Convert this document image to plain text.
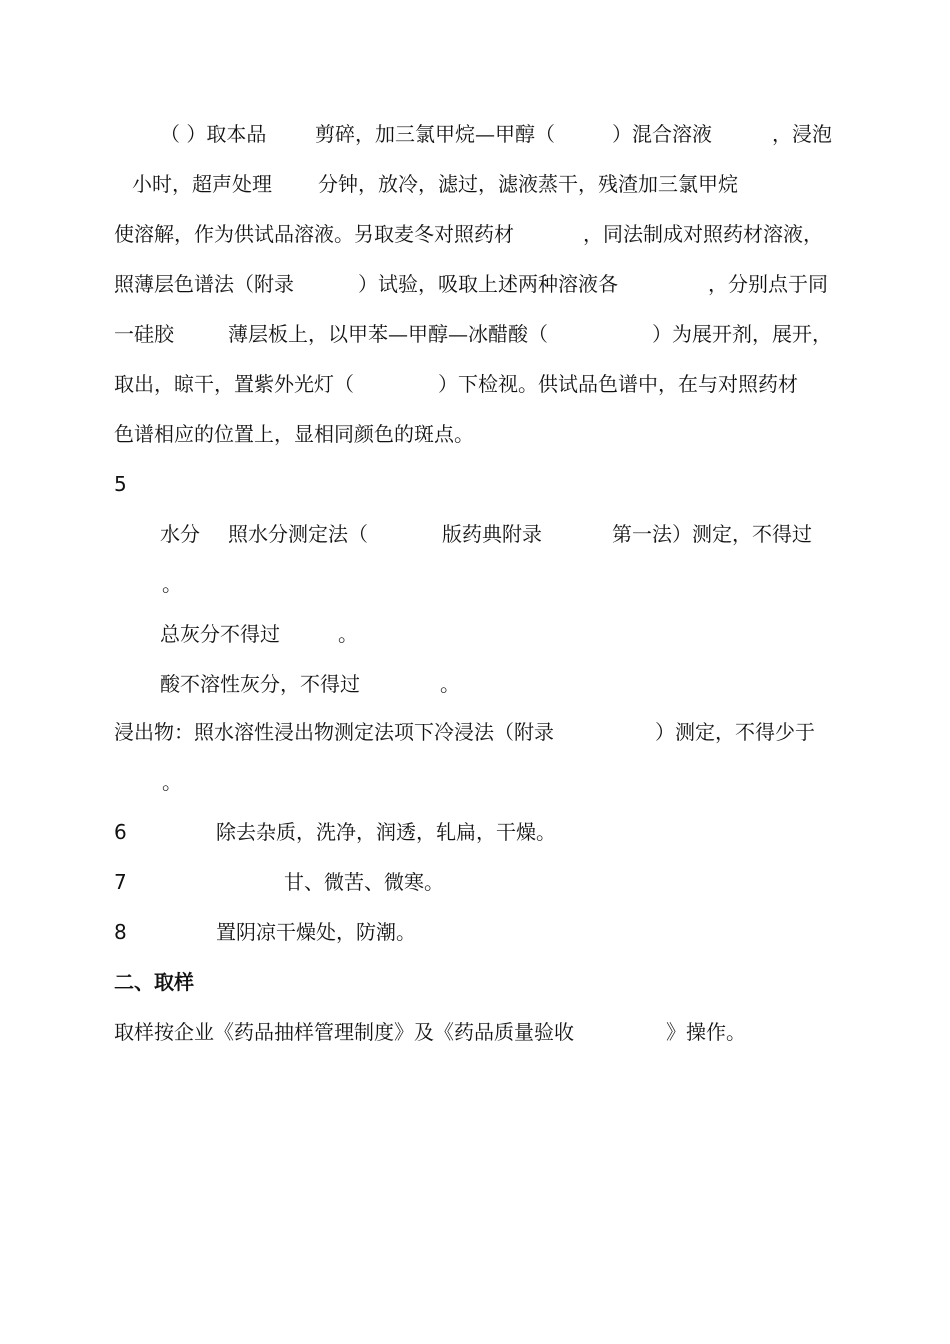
（ ）取本品 剪碎，加三氯甲烷—甲醇（	）混合溶液	，浸泡
小时，超声处理 分钟，放冷，滤过，滤液蒸干，残渣加三氯甲烷
使溶解，作为供试品溶液。另取麦冬对照药材	，同法制成对照药材溶液，
照薄层色谱法（附录	）试验，吸取上述两种溶液各	，分别点于同
一硅胶	薄层板上，以甲苯—甲醇—冰醋酸（	）为展开剂，展开，
取出，晾干，置紫外光灯（	）下检视。供试品色谱中，在与对照药材
色谱相应的位置上，显相同颜色的斑点。
5
水分 照水分测定法（	版药典附录	第一法）测定，不得过
。
总灰分不得过	。
酸不溶性灰分，不得过	。
浸出物：照水溶性浸出物测定法项下冷浸法（附录	）测定，不得少于
。
6	除去杂质，洗净，润透，轧扁，干燥。
7	甘、微苦、微寒。
8	置阴凉干燥处，防潮。
二、取样
取样按企业《药品抽样管理制度》及《药品质量验收	》操作。
